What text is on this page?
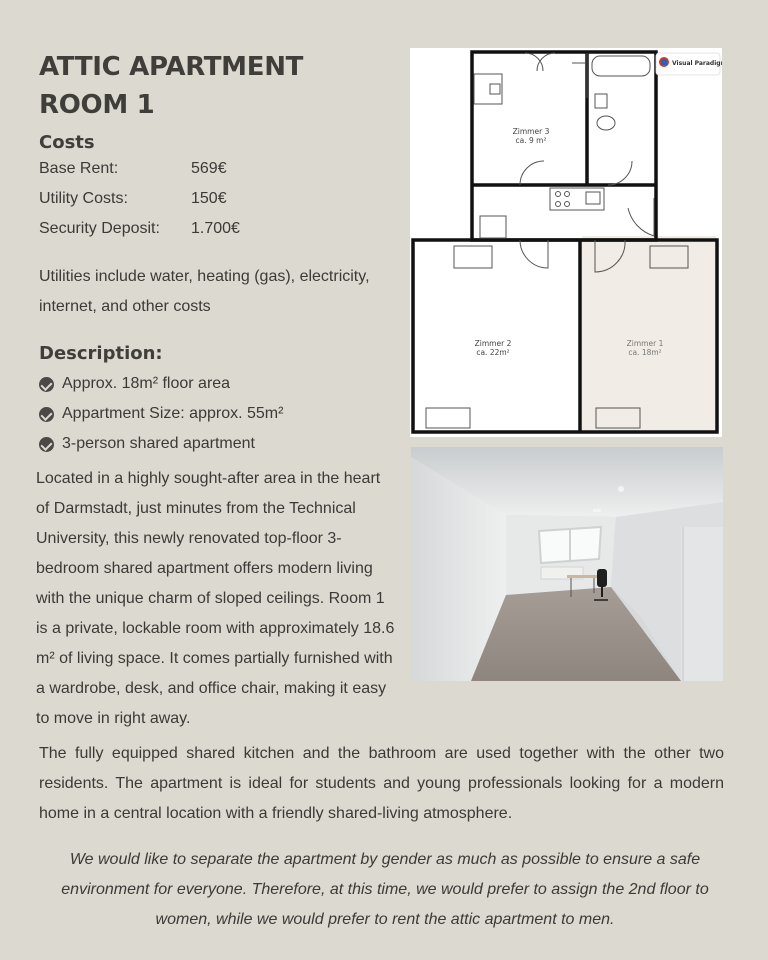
ATTIC APARTMENT
ROOM 1
Costs
Base Rent:	569€
Utility Costs:	150€
Security Deposit:	1.700€
Utilities include water, heating (gas), electricity, internet, and other costs
Description:
Approx. 18m² floor area
Appartment Size: approx. 55m²
3-person shared apartment
Located in a highly sought-after area in the heart of Darmstadt, just minutes from the Technical University, this newly renovated top-floor 3-bedroom shared apartment offers modern living with the unique charm of sloped ceilings. Room 1 is a private, lockable room with approximately 18.6 m² of living space. It comes partially furnished with a wardrobe, desk, and office chair, making it easy to move in right away.
The fully equipped shared kitchen and the bathroom are used together with the other two residents. The apartment is ideal for students and young professionals looking for a modern home in a central location with a friendly shared-living atmosphere.
We would like to separate the apartment by gender as much as possible to ensure a safe environment for everyone. Therefore, at this time, we would prefer to assign the 2nd floor to women, while we would prefer to rent the attic apartment to men.
Zimmer 3
ca. 9 m²
Zimmer 2
ca. 22m²
Zimmer 1
ca. 18m²
Visual Paradigm
